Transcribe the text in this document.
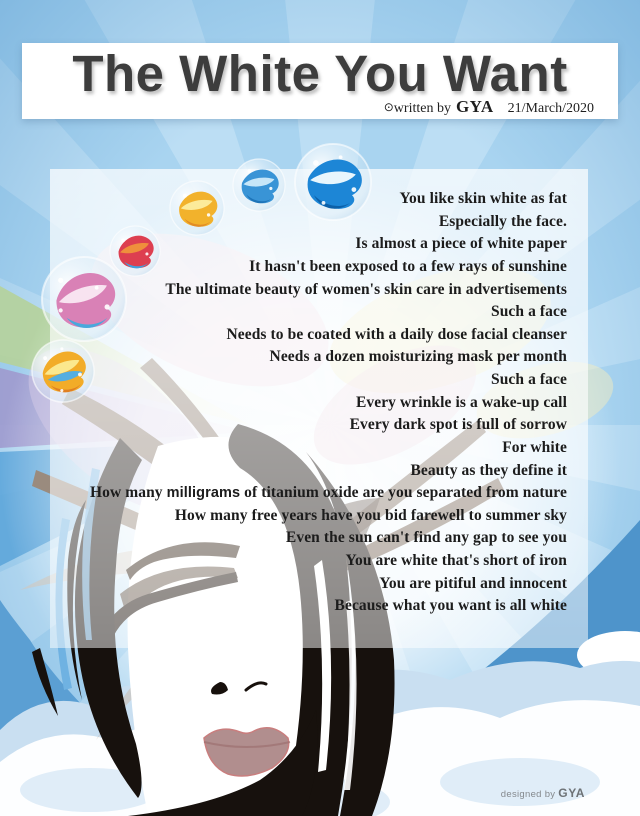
The White You Want
⊙written by GYA 21/March/2020
You like skin white as fat
Especially the face.
Is almost a piece of white paper
It hasn't been exposed to a few rays of sunshine
The ultimate beauty of women's skin care in advertisements
Such a face
Needs to be coated with a daily dose facial cleanser
Needs a dozen moisturizing mask per month
Such a face
Every wrinkle is a wake-up call
Every dark spot is full of sorrow
For white
Beauty as they define it
How many milligrams of titanium oxide are you separated from nature
How many free years have you bid farewell to summer sky
Even the sun can't find any gap to see you
You are white that's short of iron
You are pitiful and innocent
Because what you want is all white
designed by GYA
